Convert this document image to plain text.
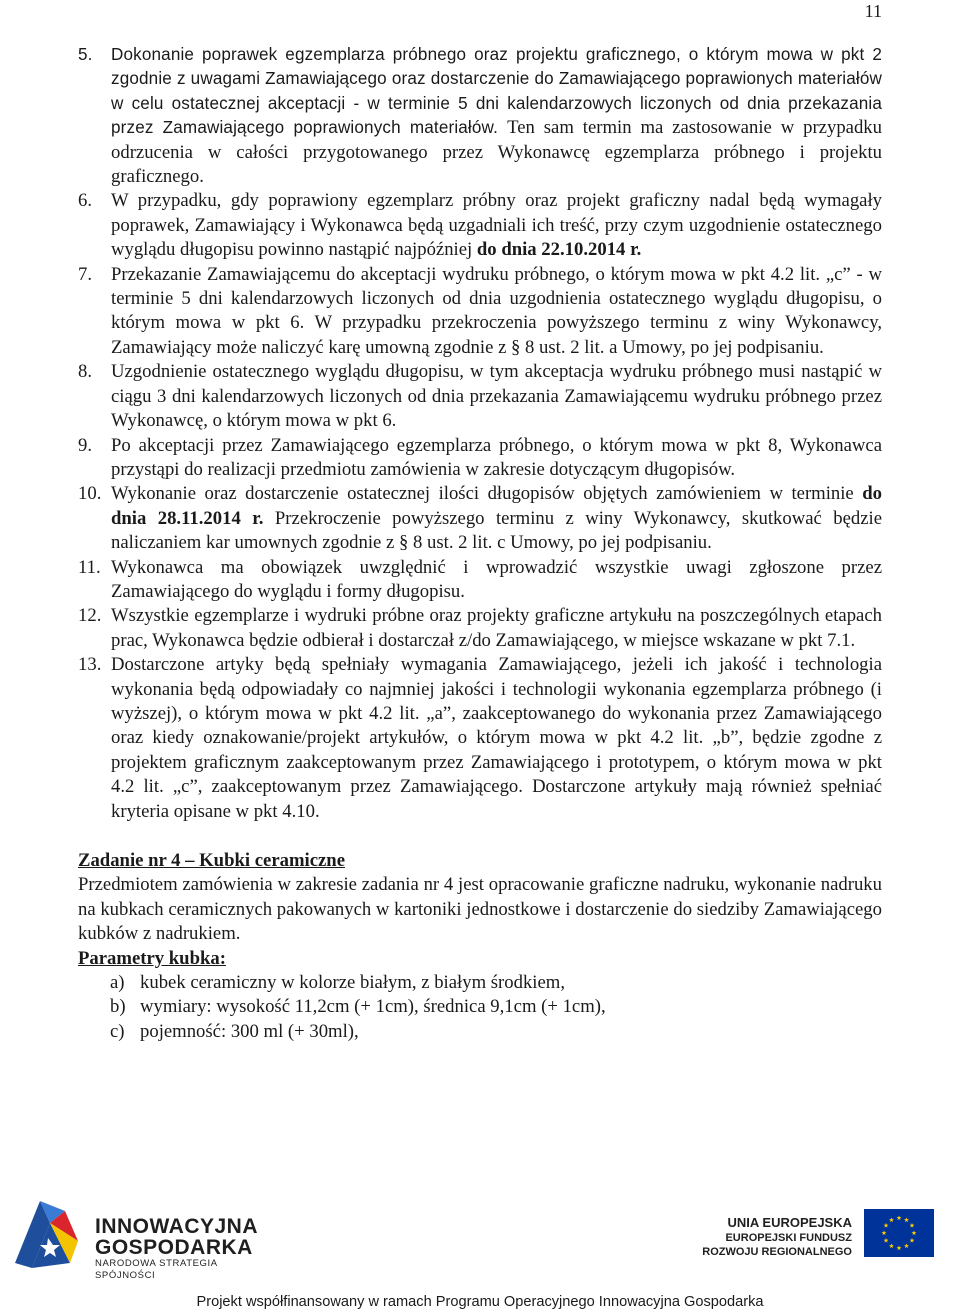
11
5. Dokonanie poprawek egzemplarza próbnego oraz projektu graficznego, o którym mowa w pkt 2 zgodnie z uwagami Zamawiającego oraz dostarczenie do Zamawiającego poprawionych materiałów w celu ostatecznej akceptacji - w terminie 5 dni kalendarzowych liczonych od dnia przekazania przez Zamawiającego poprawionych materiałów. Ten sam termin ma zastosowanie w przypadku odrzucenia w całości przygotowanego przez Wykonawcę egzemplarza próbnego i projektu graficznego.
6. W przypadku, gdy poprawiony egzemplarz próbny oraz projekt graficzny nadal będą wymagały poprawek, Zamawiający i Wykonawca będą uzgadniali ich treść, przy czym uzgodnienie ostatecznego wyglądu długopisu powinno nastąpić najpóźniej do dnia 22.10.2014 r.
7. Przekazanie Zamawiającemu do akceptacji wydruku próbnego, o którym mowa w pkt 4.2 lit. „c” - w terminie 5 dni kalendarzowych liczonych od dnia uzgodnienia ostatecznego wyglądu długopisu, o którym mowa w pkt 6. W przypadku przekroczenia powyższego terminu z winy Wykonawcy, Zamawiający może naliczyć karę umowną zgodnie z § 8 ust. 2 lit. a Umowy, po jej podpisaniu.
8. Uzgodnienie ostatecznego wyglądu długopisu, w tym akceptacja wydruku próbnego musi nastąpić w ciągu 3 dni kalendarzowych liczonych od dnia przekazania Zamawiającemu wydruku próbnego przez Wykonawcę, o którym mowa w pkt 6.
9. Po akceptacji przez Zamawiającego egzemplarza próbnego, o którym mowa w pkt 8, Wykonawca przystąpi do realizacji przedmiotu zamówienia w zakresie dotyczącym długopisów.
10. Wykonanie oraz dostarczenie ostatecznej ilości długopisów objętych zamówieniem w terminie do dnia 28.11.2014 r. Przekroczenie powyższego terminu z winy Wykonawcy, skutkować będzie naliczaniem kar umownych zgodnie z § 8 ust. 2 lit. c Umowy, po jej podpisaniu.
11. Wykonawca ma obowiązek uwzględnić i wprowadzić wszystkie uwagi zgłoszone przez Zamawiającego do wyglądu i formy długopisu.
12. Wszystkie egzemplarze i wydruki próbne oraz projekty graficzne artykułu na poszczególnych etapach prac, Wykonawca będzie odbierał i dostarczał z/do Zamawiającego, w miejsce wskazane w pkt 7.1.
13. Dostarczone artyky będą spełniały wymagania Zamawiającego, jeżeli ich jakość i technologia wykonania będą odpowiadały co najmniej jakości i technologii wykonania egzemplarza próbnego (i wyższej), o którym mowa w pkt 4.2 lit. „a”, zaakceptowanego do wykonania przez Zamawiającego oraz kiedy oznakowanie/projekt artykułów, o którym mowa w pkt 4.2 lit. „b”, będzie zgodne z projektem graficznym zaakceptowanym przez Zamawiającego i prototypem, o którym mowa w pkt 4.2 lit. „c”, zaakceptowanym przez Zamawiającego. Dostarczone artykuły mają również spełniać kryteria opisane w pkt 4.10.
Zadanie nr 4 – Kubki ceramiczne
Przedmiotem zamówienia w zakresie zadania nr 4 jest opracowanie graficzne nadruku, wykonanie nadruku na kubkach ceramicznych pakowanych w kartoniki jednostkowe i dostarczenie do siedziby Zamawiającego kubków z nadrukiem.
Parametry kubka:
a) kubek ceramiczny w kolorze białym, z białym środkiem,
b) wymiary: wysokość 11,2cm (+ 1cm), średnica 9,1cm (+ 1cm),
c) pojemność: 300 ml (+ 30ml),
INNOWACYJNA
GOSPODARKA
NARODOWA STRATEGIA SPÓJNOŚCI
UNIA EUROPEJSKA
EUROPEJSKI FUNDUSZ
ROZWOJU REGIONALNEGO
Projekt współfinansowany w ramach Programu Operacyjnego Innowacyjna Gospodarka
